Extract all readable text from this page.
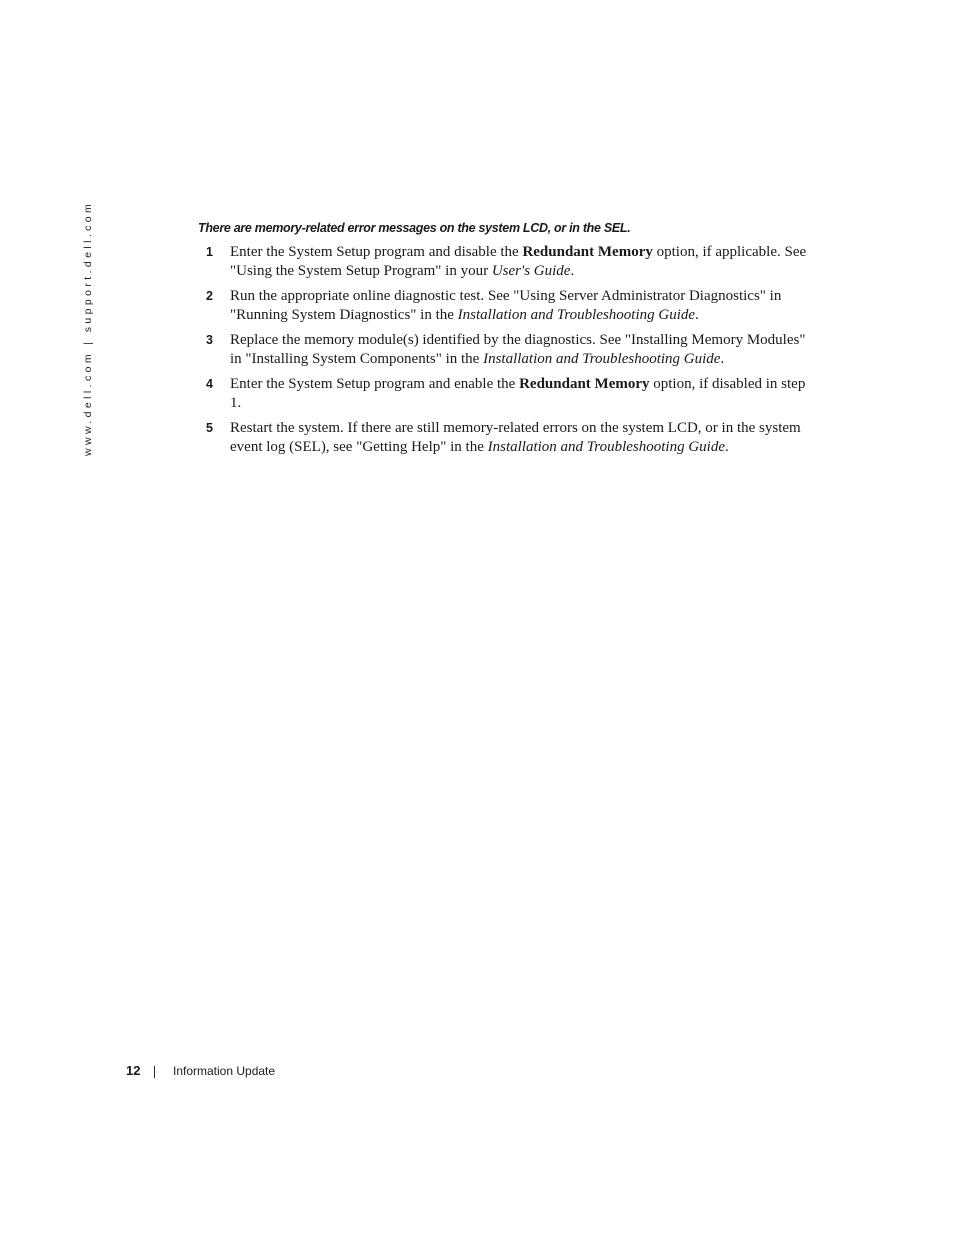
www.dell.com | support.dell.com	There are memory-related error messages on the system LCD, or in the SEL.

1 Enter the System Setup program and disable the Redundant Memory option, if applicable. See "Using the System Setup Program" in your User's Guide.
2 Run the appropriate online diagnostic test. See "Using Server Administrator Diagnostics" in "Running System Diagnostics" in the Installation and Troubleshooting Guide.
3 Replace the memory module(s) identified by the diagnostics. See "Installing Memory Modules" in "Installing System Components" in the Installation and Troubleshooting Guide.
4 Enter the System Setup program and enable the Redundant Memory option, if disabled in step 1.
5 Restart the system. If there are still memory-related errors on the system LCD, or in the system event log (SEL), see "Getting Help" in the Installation and Troubleshooting Guide.
12	Information Update
